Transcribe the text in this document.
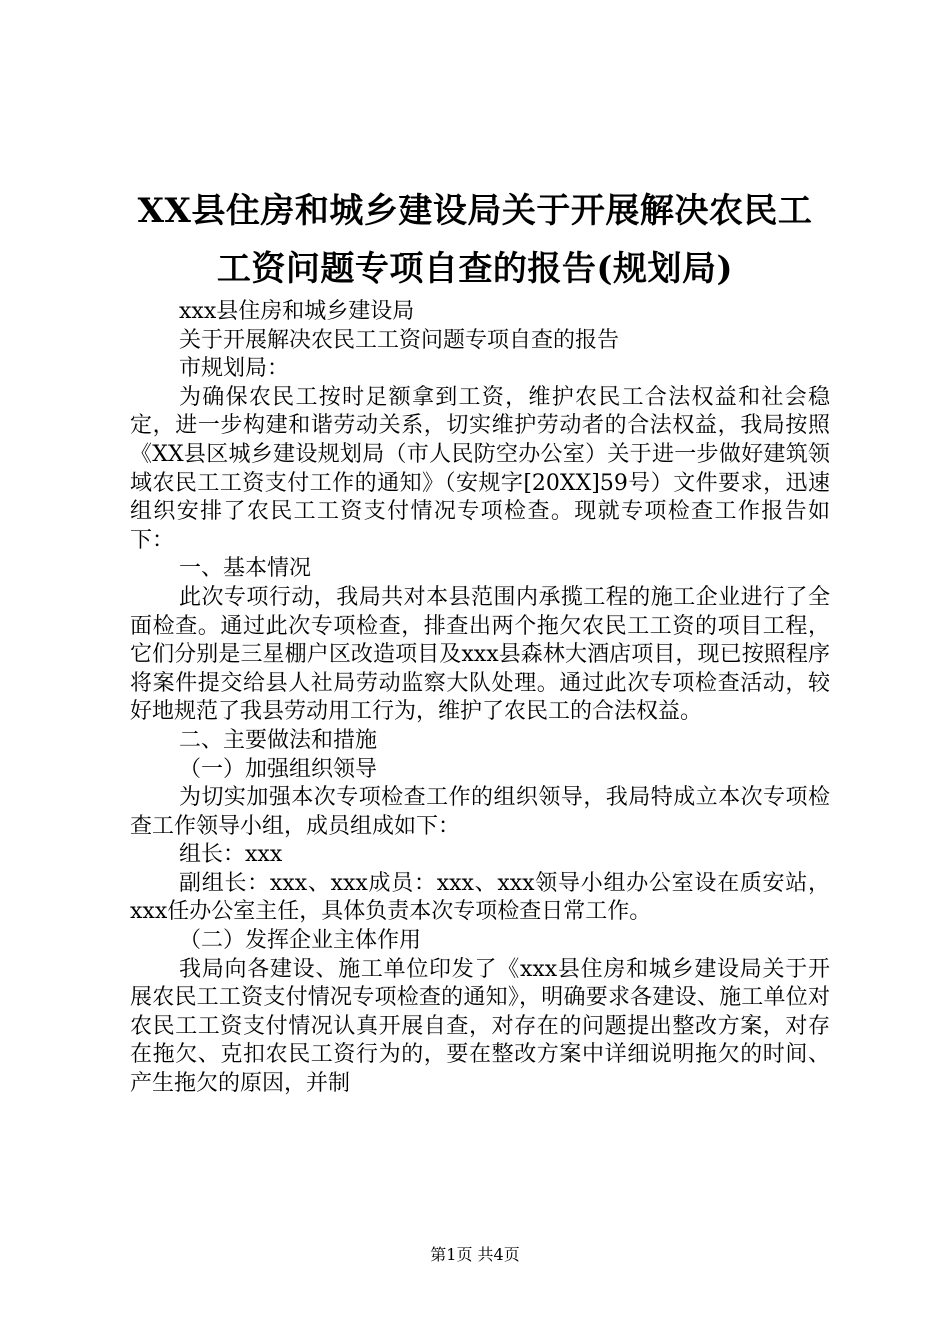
XX县住房和城乡建设局关于开展解决农民工
工资问题专项自查的报告(规划局)

xxx县住房和城乡建设局

关于开展解决农民工工资问题专项自查的报告

市规划局：

为确保农民工按时足额拿到工资，维护农民工合法权益和社会稳定，进一步构建和谐劳动关系，切实维护劳动者的合法权益，我局按照《XX县区城乡建设规划局（市人民防空办公室）关于进一步做好建筑领域农民工工资支付工作的通知》（安规字[20XX]59号）文件要求，迅速组织安排了农民工工资支付情况专项检查。现就专项检查工作报告如下：

一、基本情况

此次专项行动，我局共对本县范围内承揽工程的施工企业进行了全面检查。通过此次专项检查，排查出两个拖欠农民工工资的项目工程，它们分别是三星棚户区改造项目及xxx县森林大酒店项目，现已按照程序将案件提交给县人社局劳动监察大队处理。通过此次专项检查活动，较好地规范了我县劳动用工行为，维护了农民工的合法权益。

二、主要做法和措施

（一）加强组织领导

为切实加强本次专项检查工作的组织领导，我局特成立本次专项检查工作领导小组，成员组成如下：

组长：xxx

副组长：xxx、xxx成员：xxx、xxx领导小组办公室设在质安站，xxx任办公室主任，具体负责本次专项检查日常工作。

（二）发挥企业主体作用

我局向各建设、施工单位印发了《xxx县住房和城乡建设局关于开展农民工工资支付情况专项检查的通知》，明确要求各建设、施工单位对农民工工资支付情况认真开展自查，对存在的问题提出整改方案，对存在拖欠、克扣农民工资行为的，要在整改方案中详细说明拖欠的时间、产生拖欠的原因，并制

第1页 共4页
